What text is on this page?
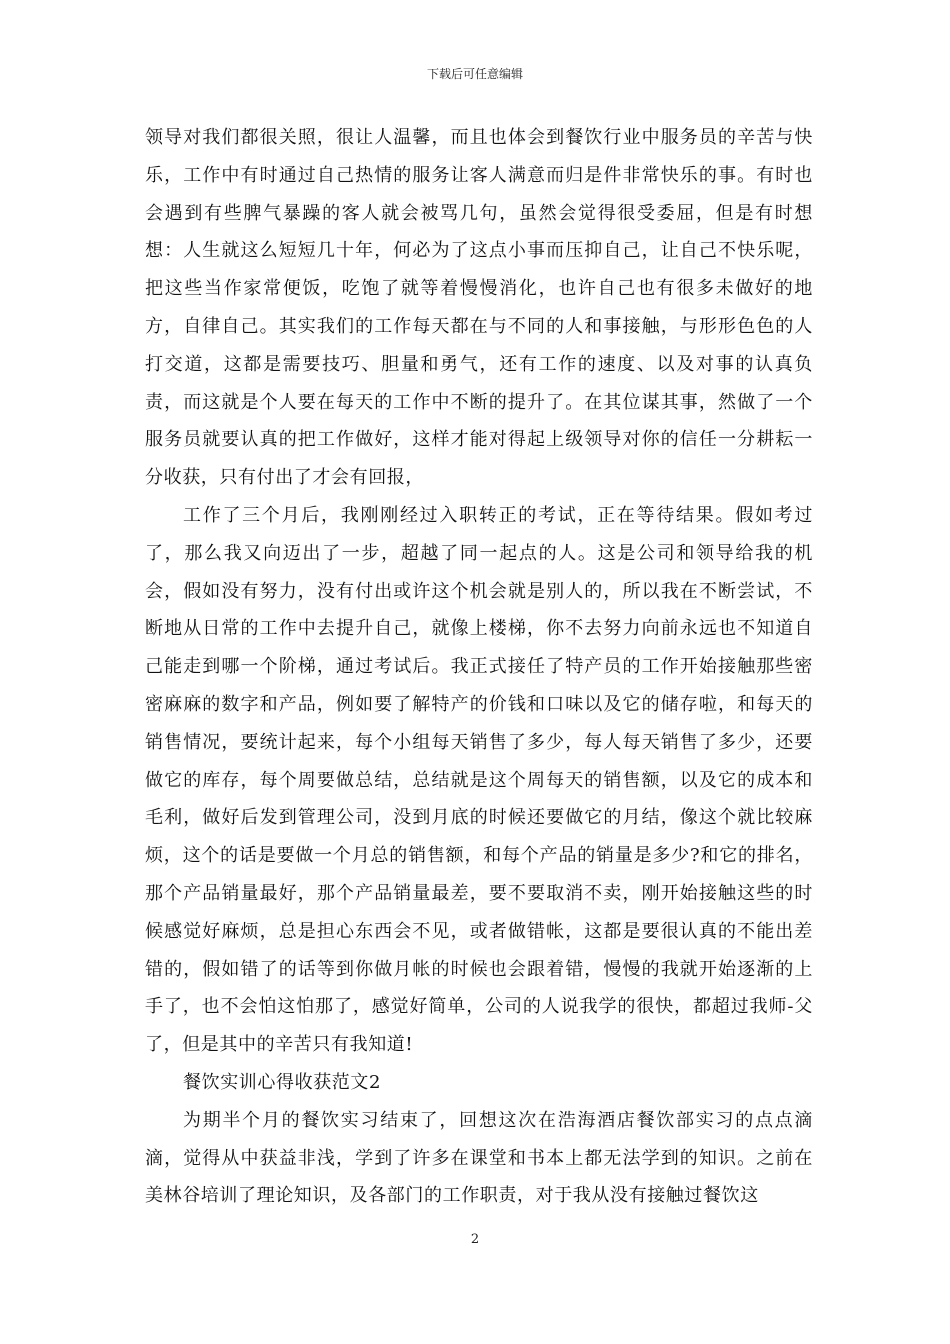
下载后可任意编辑

领导对我们都很关照，很让人温馨，而且也体会到餐饮行业中服务员的辛苦与快乐，工作中有时通过自己热情的服务让客人满意而归是件非常快乐的事。有时也会遇到有些脾气暴躁的客人就会被骂几句，虽然会觉得很受委屈，但是有时想想：人生就这么短短几十年，何必为了这点小事而压抑自己，让自己不快乐呢，把这些当作家常便饭，吃饱了就等着慢慢消化，也许自己也有很多未做好的地方，自律自己。其实我们的工作每天都在与不同的人和事接触，与形形色色的人打交道，这都是需要技巧、胆量和勇气，还有工作的速度、以及对事的认真负责，而这就是个人要在每天的工作中不断的提升了。在其位谋其事，然做了一个服务员就要认真的把工作做好，这样才能对得起上级领导对你的信任一分耕耘一分收获，只有付出了才会有回报，

工作了三个月后，我刚刚经过入职转正的考试，正在等待结果。假如考过了，那么我又向迈出了一步，超越了同一起点的人。这是公司和领导给我的机会，假如没有努力，没有付出或许这个机会就是别人的，所以我在不断尝试，不断地从日常的工作中去提升自己，就像上楼梯，你不去努力向前永远也不知道自己能走到哪一个阶梯，通过考试后。我正式接任了特产员的工作开始接触那些密密麻麻的数字和产品，例如要了解特产的价钱和口味以及它的储存啦，和每天的销售情况，要统计起来，每个小组每天销售了多少，每人每天销售了多少，还要做它的库存，每个周要做总结，总结就是这个周每天的销售额，以及它的成本和毛利，做好后发到管理公司，没到月底的时候还要做它的月结，像这个就比较麻烦，这个的话是要做一个月总的销售额，和每个产品的销量是多少?和它的排名，那个产品销量最好，那个产品销量最差，要不要取消不卖，刚开始接触这些的时候感觉好麻烦，总是担心东西会不见，或者做错帐，这都是要很认真的不能出差错的，假如错了的话等到你做月帐的时候也会跟着错，慢慢的我就开始逐渐的上手了，也不会怕这怕那了，感觉好简单，公司的人说我学的很快，都超过我师-父了，但是其中的辛苦只有我知道!

餐饮实训心得收获范文2

为期半个月的餐饮实习结束了，回想这次在浩海酒店餐饮部实习的点点滴滴，觉得从中获益非浅，学到了许多在课堂和书本上都无法学到的知识。之前在美林谷培训了理论知识，及各部门的工作职责，对于我从没有接触过餐饮这

2
